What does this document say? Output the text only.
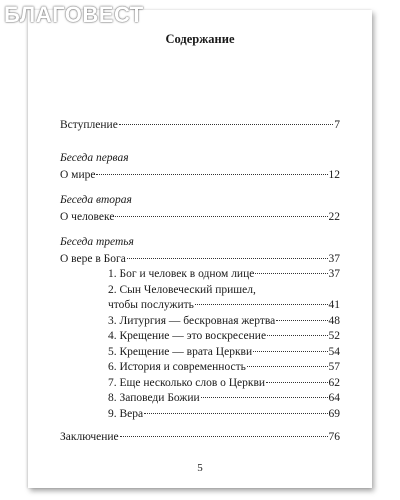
БЛАГОВЕСТ
Содержание
Вступление	7
Беседа первая
О мире	12
Беседа вторая
О человеке	22
Беседа третья
О вере в Бога	37
1. Бог и человек в одном лице	37
2. Сын Человеческий пришел,
чтобы послужить	41
3. Литургия — бескровная жертва	48
4. Крещение — это воскресение	52
5. Крещение — врата Церкви	54
6. История и современность	57
7. Еще несколько слов о Церкви	62
8. Заповеди Божии	64
9. Вера	69
Заключение	76
5
